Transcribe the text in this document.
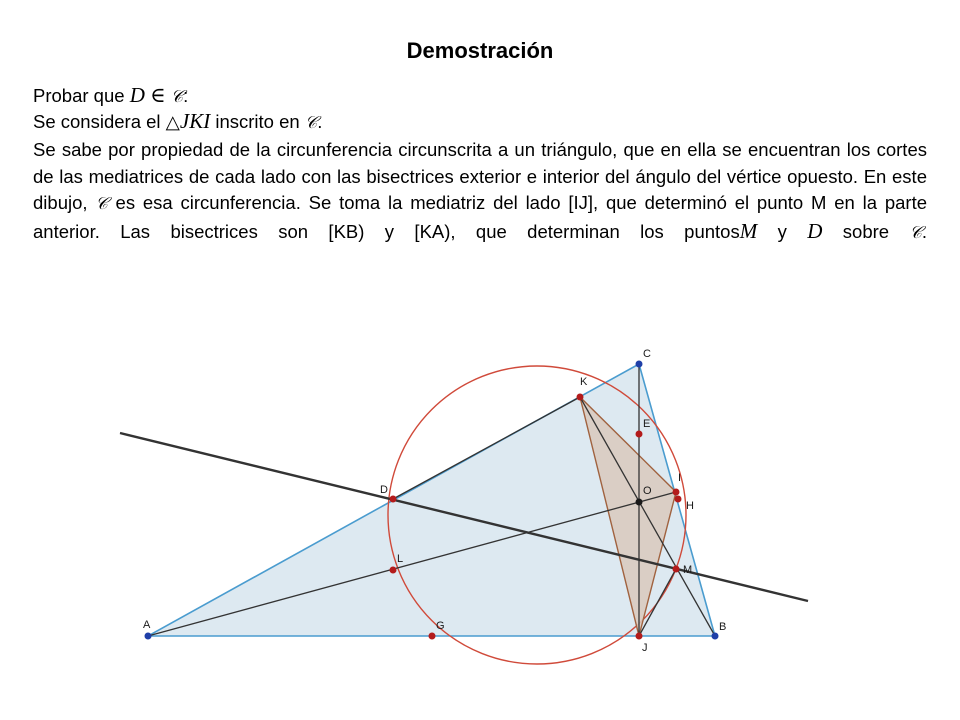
Demostración
Probar que D ∈ 𝒞:
Se considera el △JKI inscrito en 𝒞.
Se sabe por propiedad de la circunferencia circunscrita a un triángulo, que en ella se encuentran los cortes de las mediatrices de cada lado con las bisectrices exterior e interior del ángulo del vértice opuesto. En este dibujo, 𝒞 es esa circunferencia. Se toma la mediatriz del lado [IJ], que determinó el punto M en la parte anterior. Las bisectrices son [KB) y [KA), que determinan los puntosM y D sobre 𝒞.
A	B
C
D
E
G
H
I
J
K
L
M
O
